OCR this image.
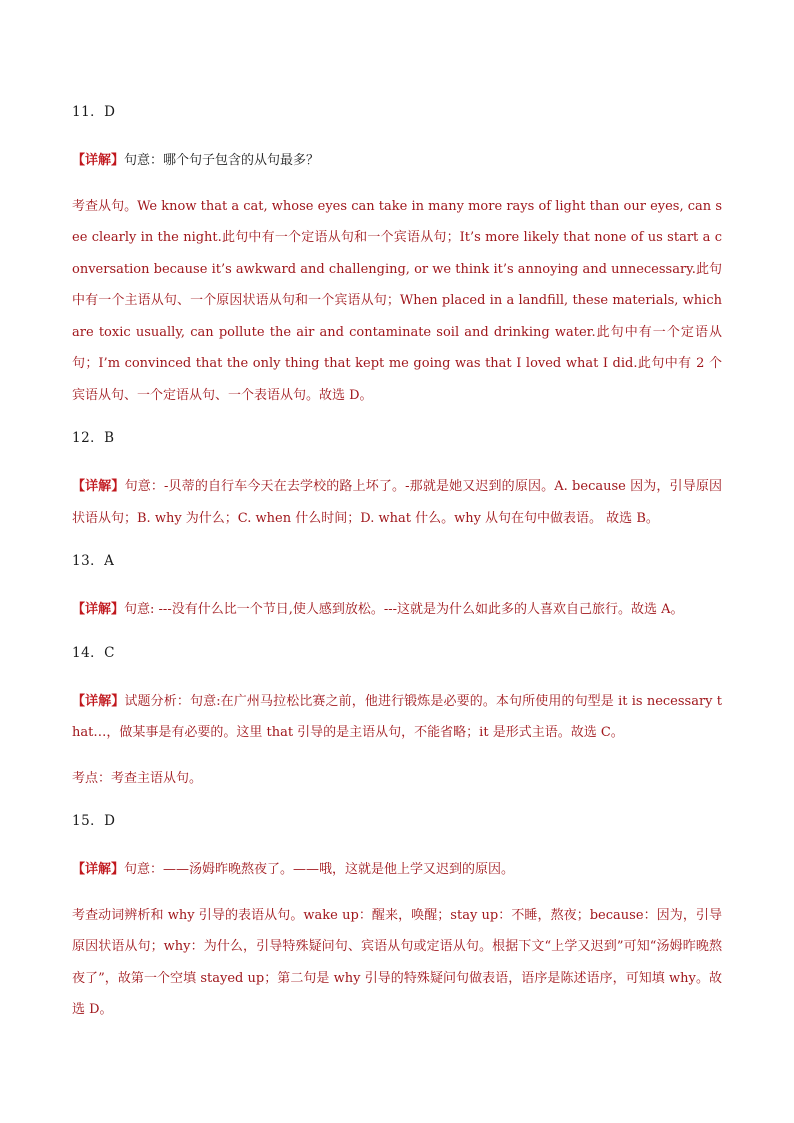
11．D

【详解】句意：哪个句子包含的从句最多？

考查从句。We know that a cat, whose eyes can take in many more rays of light than our eyes, can see clearly in the night.此句中有一个定语从句和一个宾语从句；It’s more likely that none of us start a conversation because it’s awkward and challenging, or we think it’s annoying and unnecessary.此句中有一个主语从句、一个原因状语从句和一个宾语从句；When placed in a landfill, these materials, which are toxic usually, can pollute the air and contaminate soil and drinking water.此句中有一个定语从句；I’m convinced that the only thing that kept me going was that I loved what I did.此句中有 2 个宾语从句、一个定语从句、一个表语从句。故选 D。

12．B

【详解】句意：-贝蒂的自行车今天在去学校的路上坏了。-那就是她又迟到的原因。A. because 因为，引导原因状语从句；B. why 为什么；C. when 什么时间；D. what 什么。why 从句在句中做表语。 故选 B。

13．A

【详解】句意: ---没有什么比一个节日,使人感到放松。---这就是为什么如此多的人喜欢自己旅行。故选 A。

14．C

【详解】试题分析：句意:在广州马拉松比赛之前，他进行锻炼是必要的。本句所使用的句型是 it is necessary that…，做某事是有必要的。这里 that 引导的是主语从句，不能省略；it 是形式主语。故选 C。

考点：考查主语从句。

15．D

【详解】句意：——汤姆昨晚熬夜了。——哦，这就是他上学又迟到的原因。

考查动词辨析和 why 引导的表语从句。wake up：醒来，唤醒；stay up：不睡，熬夜；because：因为，引导原因状语从句；why：为什么，引导特殊疑问句、宾语从句或定语从句。根据下文“上学又迟到”可知“汤姆昨晚熬夜了”，故第一个空填 stayed up；第二句是 why 引导的特殊疑问句做表语，语序是陈述语序，可知填 why。故选 D。
